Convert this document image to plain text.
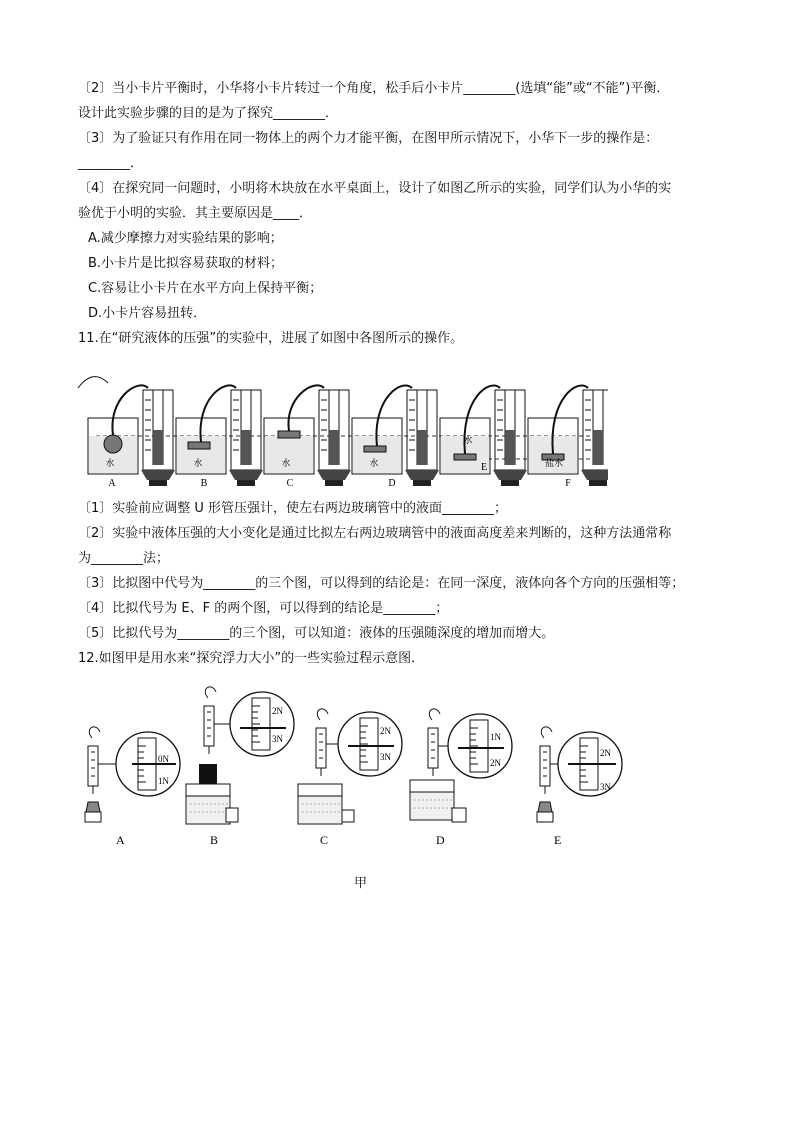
〔2〕当小卡片平衡时，小华将小卡片转过一个角度，松手后小卡片________(选填“能”或“不能”)平衡．
设计此实验步骤的目的是为了探究________．
〔3〕为了验证只有作用在同一物体上的两个力才能平衡，在图甲所示情况下，小华下一步的操作是：
________．
〔4〕在探究同一问题时，小明将木块放在水平桌面上，设计了如图乙所示的实验，同学们认为小华的实
验优于小明的实验．其主要原因是____．
A.减少摩擦力对实验结果的影响；
B.小卡片是比拟容易获取的材料；
C.容易让小卡片在水平方向上保持平衡；
D.小卡片容易扭转．
11.在“研究液体的压强”的实验中，进展了如图中各图所示的操作。
A
水
B
水
C
水
D
水	E
水
F
盐水
〔1〕实验前应调整 U 形管压强计，使左右两边玻璃管中的液面________；
〔2〕实验中液体压强的大小变化是通过比拟左右两边玻璃管中的液面高度差来判断的，这种方法通常称
为________法；
〔3〕比拟图中代号为________的三个图，可以得到的结论是：在同一深度，液体向各个方向的压强相等；
〔4〕比拟代号为 E、F 的两个图，可以得到的结论是________；
〔5〕比拟代号为________的三个图，可以知道：液体的压强随深度的增加而增大。
12.如图甲是用水来“探究浮力大小”的一些实验过程示意图．
0N
1N
A
2N
3N
B
2N
3N
C
1N
2N
D
2N
3N
E
甲
